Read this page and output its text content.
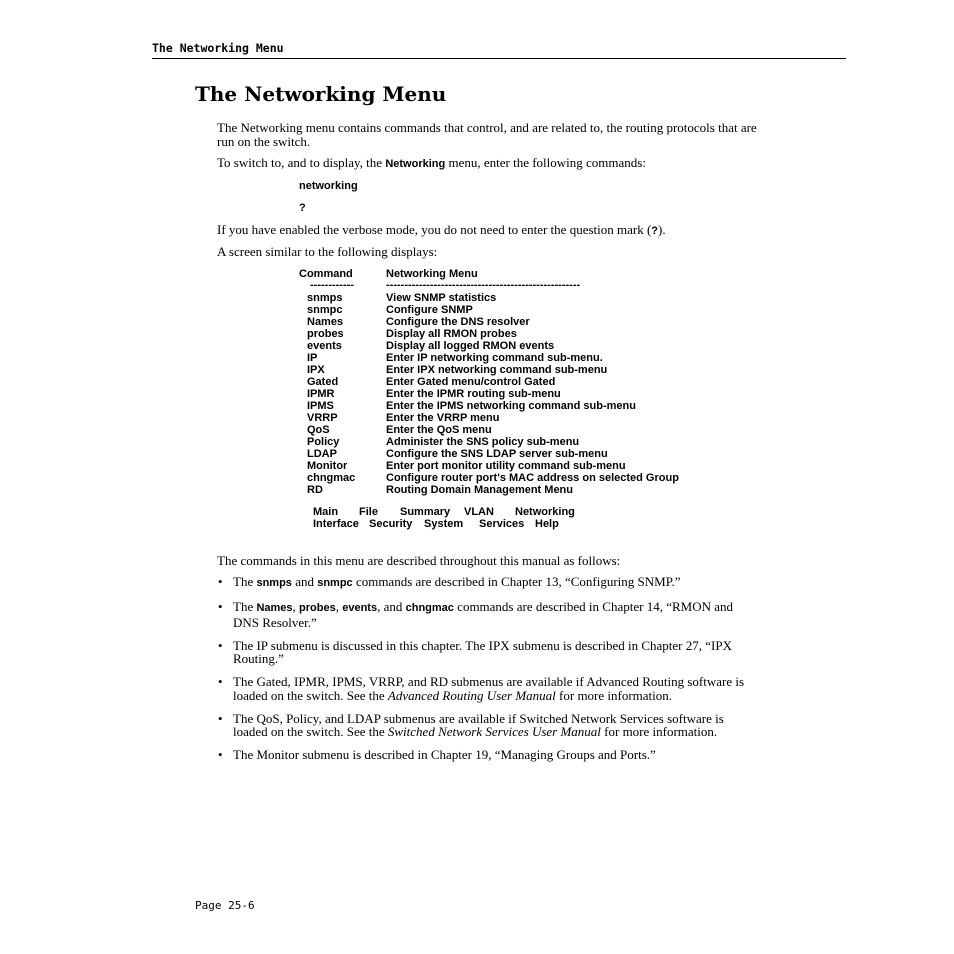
The Networking Menu
The Networking Menu

The Networking menu contains commands that control, and are related to, the routing protocols that are run on the switch.

To switch to, and to display, the Networking menu, enter the following commands:

networking
?

If you have enabled the verbose mode, you do not need to enter the question mark (?).

A screen similar to the following displays:

Command	Networking Menu
------------	-----------------------------------------------------
snmps	View SNMP statistics
snmpc	Configure SNMP
Names	Configure the DNS resolver
probes	Display all RMON probes
events	Display all logged RMON events
IP	Enter IP networking command sub-menu.
IPX	Enter IPX networking command sub-menu
Gated	Enter Gated menu/control Gated
IPMR	Enter the IPMR routing sub-menu
IPMS	Enter the IPMS networking command sub-menu
VRRP	Enter the VRRP menu
QoS	Enter the QoS menu
Policy	Administer the SNS policy sub-menu
LDAP	Configure the SNS LDAP server sub-menu
Monitor	Enter port monitor utility command sub-menu
chngmac	Configure router port's MAC address on selected Group
RD	Routing Domain Management Menu
Main File Summary VLAN Networking
Interface Security System Services Help

The commands in this menu are described throughout this manual as follows:

• The snmps and snmpc commands are described in Chapter 13, “Configuring SNMP.”
• The Names, probes, events, and chngmac commands are described in Chapter 14, “RMON and DNS Resolver.”
• The IP submenu is discussed in this chapter. The IPX submenu is described in Chapter 27, “IPX Routing.”
• The Gated, IPMR, IPMS, VRRP, and RD submenus are available if Advanced Routing software is loaded on the switch. See the Advanced Routing User Manual for more information.
• The QoS, Policy, and LDAP submenus are available if Switched Network Services software is loaded on the switch. See the Switched Network Services User Manual for more information.
• The Monitor submenu is described in Chapter 19, “Managing Groups and Ports.”
Page 25-6
